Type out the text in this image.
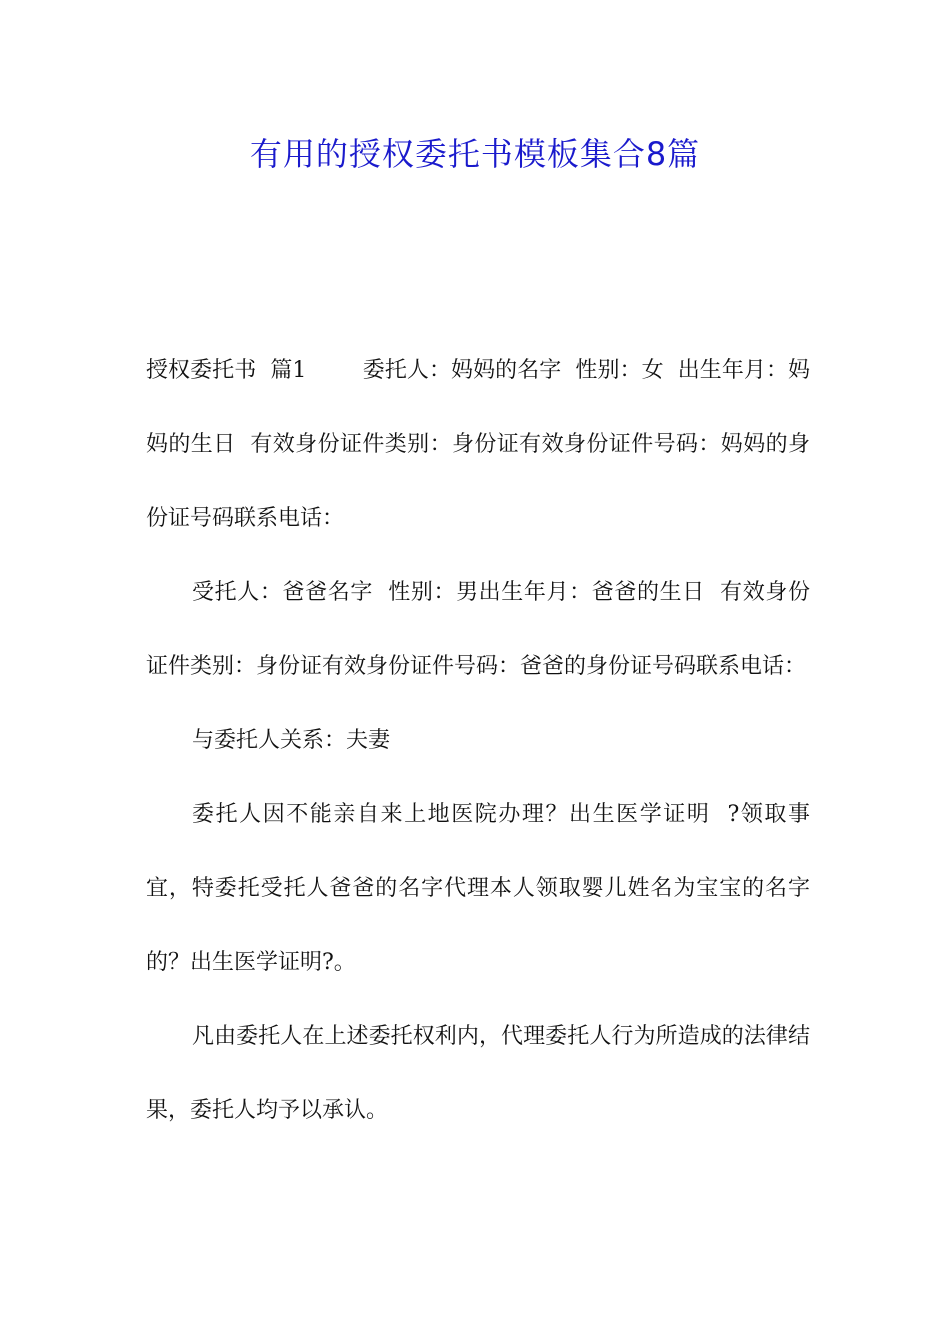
有用的授权委托书模板集合8篇

授权委托书  篇1        委托人：妈妈的名字  性别：女  出生年月：妈妈的生日  有效身份证件类别：身份证有效身份证件号码：妈妈的身份证号码联系电话：

受托人：爸爸名字  性别：男出生年月：爸爸的生日  有效身份证件类别：身份证有效身份证件号码：爸爸的身份证号码联系电话：

与委托人关系：夫妻

委托人因不能亲自来上地医院办理？出生医学证明  ?领取事宜，特委托受托人爸爸的名字代理本人领取婴儿姓名为宝宝的名字的？出生医学证明?。

凡由委托人在上述委托权利内，代理委托人行为所造成的法律结果，委托人均予以承认。
